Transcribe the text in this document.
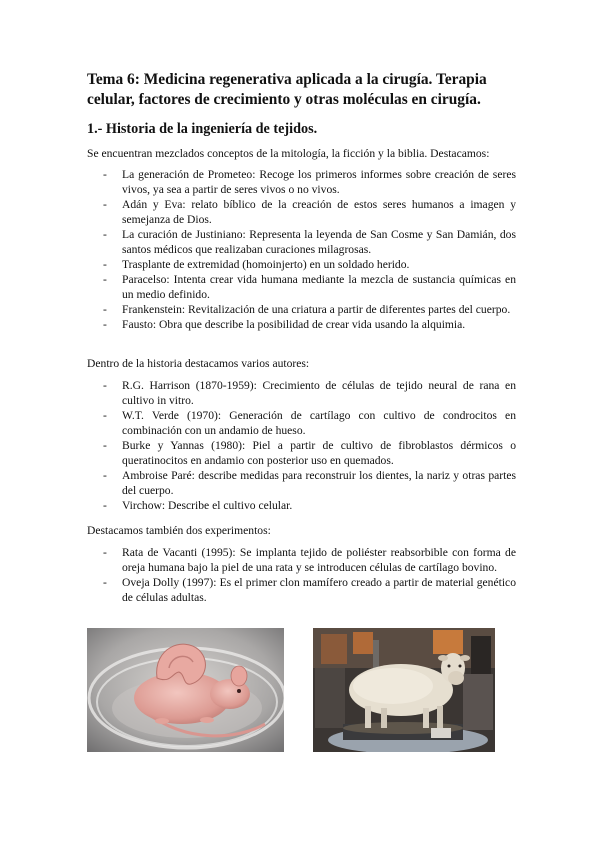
Tema 6: Medicina regenerativa aplicada a la cirugía. Terapia celular, factores de crecimiento y otras moléculas en cirugía.
1.- Historia de la ingeniería de tejidos.

Se encuentran mezclados conceptos de la mitología, la ficción y la biblia. Destacamos:

- La generación de Prometeo: Recoge los primeros informes sobre creación de seres vivos, ya sea a partir de seres vivos o no vivos.
- Adán y Eva: relato bíblico de la creación de estos seres humanos a imagen y semejanza de Dios.
- La curación de Justiniano: Representa la leyenda de San Cosme y San Damián, dos santos médicos que realizaban curaciones milagrosas.
- Trasplante de extremidad (homoinjerto) en un soldado herido.
- Paracelso: Intenta crear vida humana mediante la mezcla de sustancia químicas en un medio definido.
- Frankenstein: Revitalización de una criatura a partir de diferentes partes del cuerpo.
- Fausto: Obra que describe la posibilidad de crear vida usando la alquimia.

Dentro de la historia destacamos varios autores:

- R.G. Harrison (1870-1959): Crecimiento de células de tejido neural de rana en cultivo in vitro.
- W.T. Verde (1970): Generación de cartílago con cultivo de condrocitos en combinación con un andamio de hueso.
- Burke y Yannas (1980): Piel a partir de cultivo de fibroblastos dérmicos o queratinocitos en andamio con posterior uso en quemados.
- Ambroise Paré: describe medidas para reconstruir los dientes, la nariz y otras partes del cuerpo.
- Virchow: Describe el cultivo celular.

Destacamos también dos experimentos:

- Rata de Vacanti (1995): Se implanta tejido de poliéster reabsorbible con forma de oreja humana bajo la piel de una rata y se introducen células de cartílago bovino.
- Oveja Dolly (1997): Es el primer clon mamífero creado a partir de material genético de células adultas.
